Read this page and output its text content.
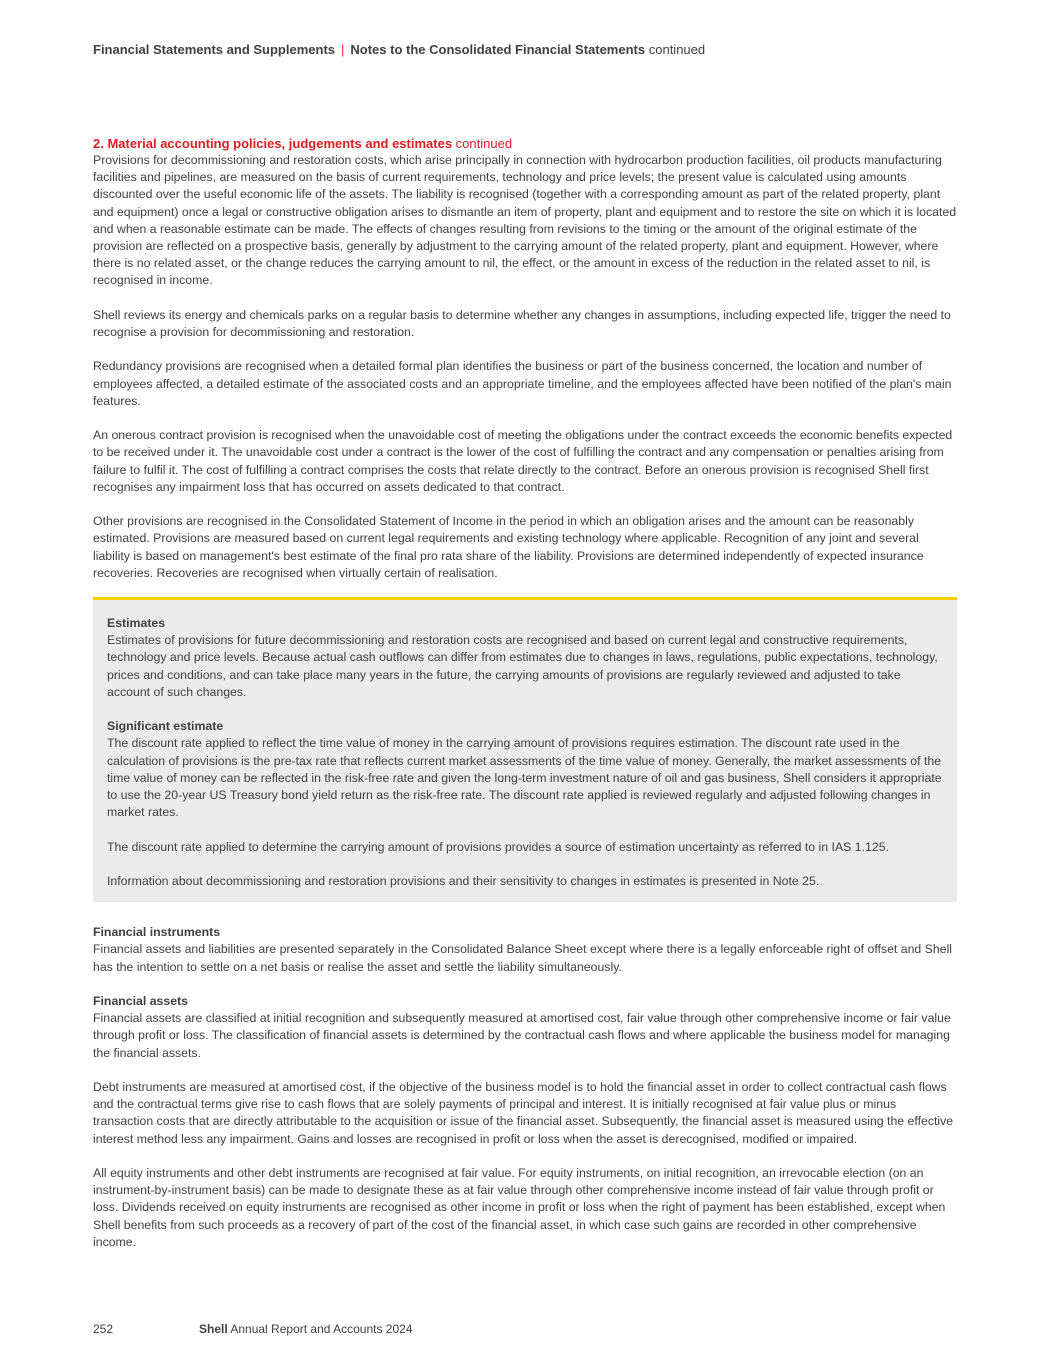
Financial Statements and Supplements | Notes to the Consolidated Financial Statements continued
2. Material accounting policies, judgements and estimates continued

Provisions for decommissioning and restoration costs, which arise principally in connection with hydrocarbon production facilities, oil products manufacturing facilities and pipelines, are measured on the basis of current requirements, technology and price levels; the present value is calculated using amounts discounted over the useful economic life of the assets. The liability is recognised (together with a corresponding amount as part of the related property, plant and equipment) once a legal or constructive obligation arises to dismantle an item of property, plant and equipment and to restore the site on which it is located and when a reasonable estimate can be made. The effects of changes resulting from revisions to the timing or the amount of the original estimate of the provision are reflected on a prospective basis, generally by adjustment to the carrying amount of the related property, plant and equipment. However, where there is no related asset, or the change reduces the carrying amount to nil, the effect, or the amount in excess of the reduction in the related asset to nil, is recognised in income.

Shell reviews its energy and chemicals parks on a regular basis to determine whether any changes in assumptions, including expected life, trigger the need to recognise a provision for decommissioning and restoration.

Redundancy provisions are recognised when a detailed formal plan identifies the business or part of the business concerned, the location and number of employees affected, a detailed estimate of the associated costs and an appropriate timeline, and the employees affected have been notified of the plan's main features.

An onerous contract provision is recognised when the unavoidable cost of meeting the obligations under the contract exceeds the economic benefits expected to be received under it. The unavoidable cost under a contract is the lower of the cost of fulfilling the contract and any compensation or penalties arising from failure to fulfil it. The cost of fulfilling a contract comprises the costs that relate directly to the contract. Before an onerous provision is recognised Shell first recognises any impairment loss that has occurred on assets dedicated to that contract.

Other provisions are recognised in the Consolidated Statement of Income in the period in which an obligation arises and the amount can be reasonably estimated. Provisions are measured based on current legal requirements and existing technology where applicable. Recognition of any joint and several liability is based on management's best estimate of the final pro rata share of the liability. Provisions are determined independently of expected insurance recoveries. Recoveries are recognised when virtually certain of realisation.

Estimates

Estimates of provisions for future decommissioning and restoration costs are recognised and based on current legal and constructive requirements, technology and price levels. Because actual cash outflows can differ from estimates due to changes in laws, regulations, public expectations, technology, prices and conditions, and can take place many years in the future, the carrying amounts of provisions are regularly reviewed and adjusted to take account of such changes.

Significant estimate

The discount rate applied to reflect the time value of money in the carrying amount of provisions requires estimation. The discount rate used in the calculation of provisions is the pre-tax rate that reflects current market assessments of the time value of money. Generally, the market assessments of the time value of money can be reflected in the risk-free rate and given the long-term investment nature of oil and gas business, Shell considers it appropriate to use the 20-year US Treasury bond yield return as the risk-free rate. The discount rate applied is reviewed regularly and adjusted following changes in market rates.

The discount rate applied to determine the carrying amount of provisions provides a source of estimation uncertainty as referred to in IAS 1.125.

Information about decommissioning and restoration provisions and their sensitivity to changes in estimates is presented in Note 25.

Financial instruments

Financial assets and liabilities are presented separately in the Consolidated Balance Sheet except where there is a legally enforceable right of offset and Shell has the intention to settle on a net basis or realise the asset and settle the liability simultaneously.

Financial assets

Financial assets are classified at initial recognition and subsequently measured at amortised cost, fair value through other comprehensive income or fair value through profit or loss. The classification of financial assets is determined by the contractual cash flows and where applicable the business model for managing the financial assets.

Debt instruments are measured at amortised cost, if the objective of the business model is to hold the financial asset in order to collect contractual cash flows and the contractual terms give rise to cash flows that are solely payments of principal and interest. It is initially recognised at fair value plus or minus transaction costs that are directly attributable to the acquisition or issue of the financial asset. Subsequently, the financial asset is measured using the effective interest method less any impairment. Gains and losses are recognised in profit or loss when the asset is derecognised, modified or impaired.

All equity instruments and other debt instruments are recognised at fair value. For equity instruments, on initial recognition, an irrevocable election (on an instrument-by-instrument basis) can be made to designate these as at fair value through other comprehensive income instead of fair value through profit or loss. Dividends received on equity instruments are recognised as other income in profit or loss when the right of payment has been established, except when Shell benefits from such proceeds as a recovery of part of the cost of the financial asset, in which case such gains are recorded in other comprehensive income.

252	Shell Annual Report and Accounts 2024
